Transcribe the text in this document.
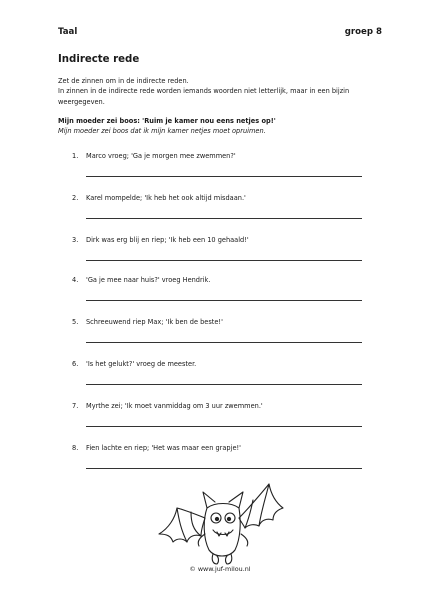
Taal	groep 8
Indirecte rede

Zet de zinnen om in de indirecte reden.

In zinnen in de indirecte rede worden iemands woorden niet letterlijk, maar in een bijzin weergegeven.

Mijn moeder zei boos: 'Ruim je kamer nou eens netjes op!'
Mijn moeder zei boos dat ik mijn kamer netjes moet opruimen.
1. Marco vroeg; 'Ga je morgen mee zwemmen?'
2. Karel mompelde; 'Ik heb het ook altijd misdaan.'
3. Dirk was erg blij en riep; 'Ik heb een 10 gehaald!'
4. 'Ga je mee naar huis?' vroeg Hendrik.
5. Schreeuwend riep Max; 'Ik ben de beste!'
6. 'Is het gelukt?' vroeg de meester.
7. Myrthe zei; 'Ik moet vanmiddag om 3 uur zwemmen.'
8. Fien lachte en riep; 'Het was maar een grapje!'
© www.juf-milou.nl
